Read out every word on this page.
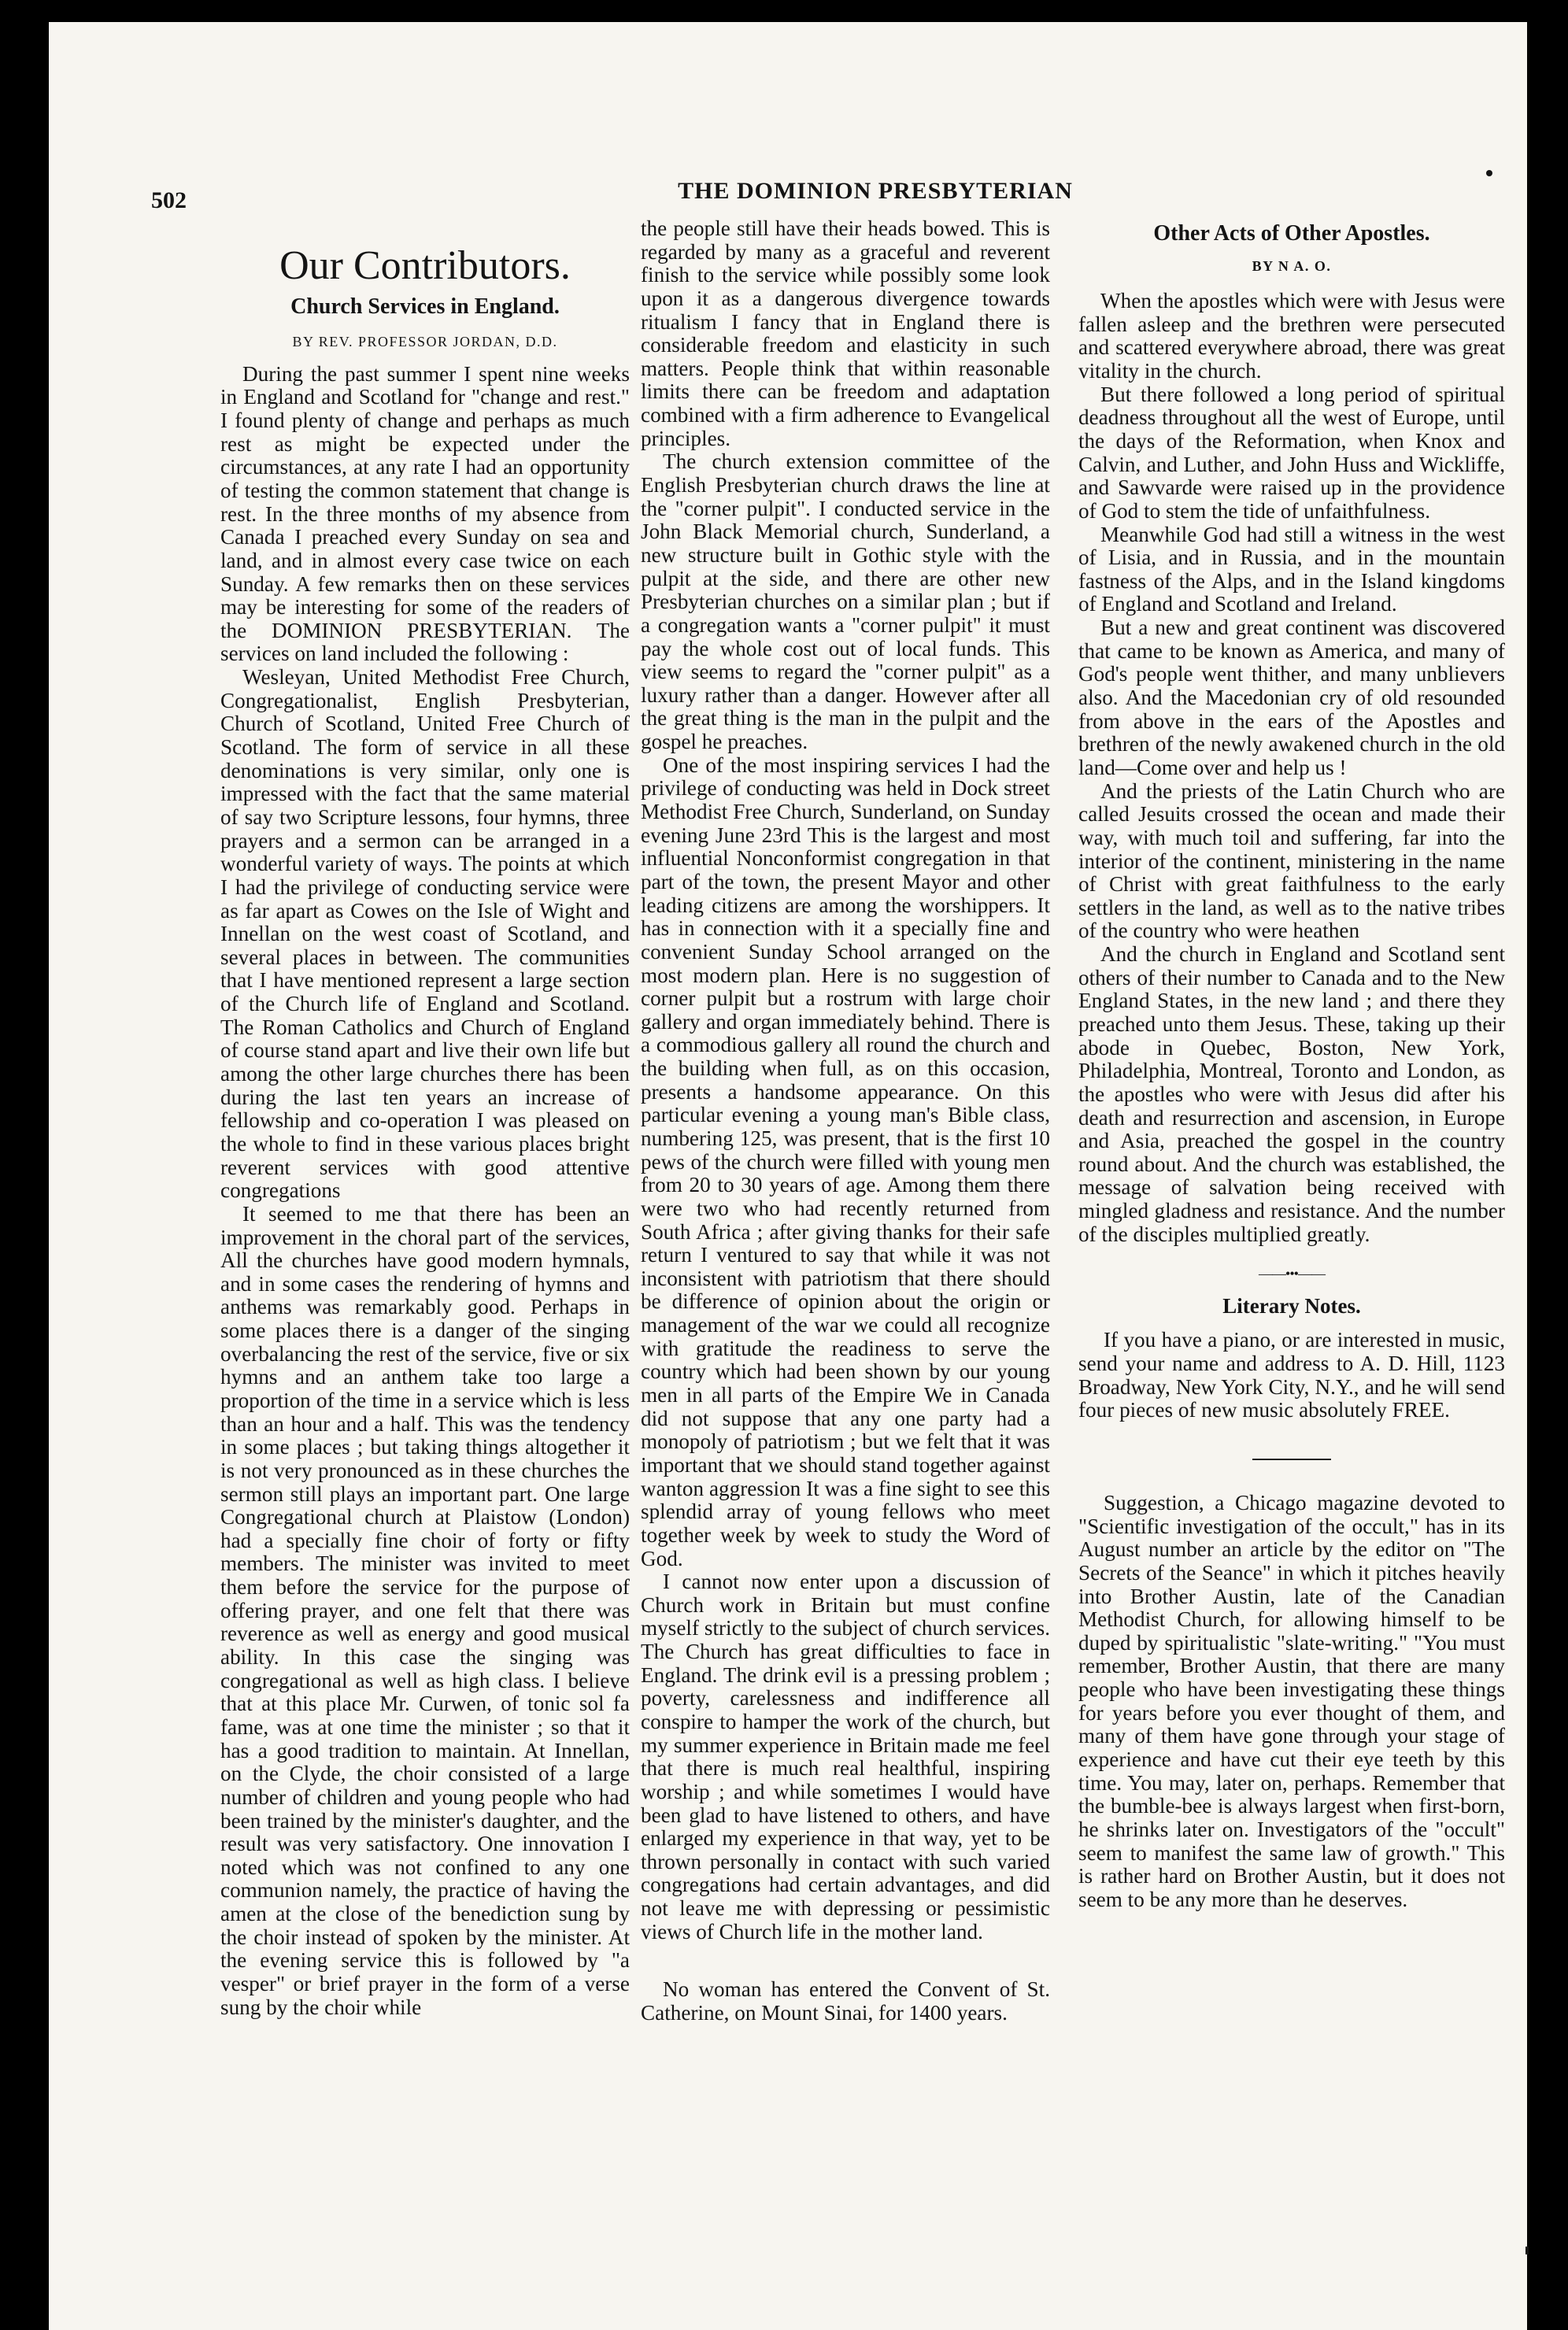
502	THE DOMINION PRESBYTERIAN
Our Contributors.
Church Services in England.
BY REV. PROFESSOR JORDAN, D.D.

During the past summer I spent nine weeks in England and Scotland for "change and rest." I found plenty of change and perhaps as much rest as might be expected under the circumstances, at any rate I had an opportunity of testing the common statement that change is rest. In the three months of my absence from Canada I preached every Sunday on sea and land, and in almost every case twice on each Sunday. A few remarks then on these services may be interesting for some of the readers of the DOMINION PRESBYTERIAN. The services on land included the following :

Wesleyan, United Methodist Free Church, Congregationalist, English Presbyterian, Church of Scotland, United Free Church of Scotland. The form of service in all these denominations is very similar, only one is impressed with the fact that the same material of say two Scripture lessons, four hymns, three prayers and a sermon can be arranged in a wonderful variety of ways. The points at which I had the privilege of conducting service were as far apart as Cowes on the Isle of Wight and Innellan on the west coast of Scotland, and several places in between. The communities that I have mentioned represent a large section of the Church life of England and Scotland. The Roman Catholics and Church of England of course stand apart and live their own life but among the other large churches there has been during the last ten years an increase of fellowship and co-operation I was pleased on the whole to find in these various places bright reverent services with good attentive congregations

It seemed to me that there has been an improvement in the choral part of the services, All the churches have good modern hymnals, and in some cases the rendering of hymns and anthems was remarkably good. Perhaps in some places there is a danger of the singing overbalancing the rest of the service, five or six hymns and an anthem take too large a proportion of the time in a service which is less than an hour and a half. This was the tendency in some places ; but taking things altogether it is not very pronounced as in these churches the sermon still plays an important part. One large Congregational church at Plaistow (London) had a specially fine choir of forty or fifty members. The minister was invited to meet them before the service for the purpose of offering prayer, and one felt that there was reverence as well as energy and good musical ability. In this case the singing was congregational as well as high class. I believe that at this place Mr. Curwen, of tonic sol fa fame, was at one time the minister ; so that it has a good tradition to maintain. At Innellan, on the Clyde, the choir consisted of a large number of children and young people who had been trained by the minister's daughter, and the result was very satisfactory. One innovation I noted which was not confined to any one communion namely, the practice of having the amen at the close of the benediction sung by the choir instead of spoken by the minister. At the evening service this is followed by "a vesper" or brief prayer in the form of a verse sung by the choir while

the people still have their heads bowed. This is regarded by many as a graceful and reverent finish to the service while possibly some look upon it as a dangerous divergence towards ritualism I fancy that in England there is considerable freedom and elasticity in such matters. People think that within reasonable limits there can be freedom and adaptation combined with a firm adherence to Evangelical principles.

The church extension committee of the English Presbyterian church draws the line at the "corner pulpit". I conducted service in the John Black Memorial church, Sunderland, a new structure built in Gothic style with the pulpit at the side, and there are other new Presbyterian churches on a similar plan ; but if a congregation wants a "corner pulpit" it must pay the whole cost out of local funds. This view seems to regard the "corner pulpit" as a luxury rather than a danger. However after all the great thing is the man in the pulpit and the gospel he preaches.

One of the most inspiring services I had the privilege of conducting was held in Dock street Methodist Free Church, Sunderland, on Sunday evening June 23rd This is the largest and most influential Nonconformist congregation in that part of the town, the present Mayor and other leading citizens are among the worshippers. It has in connection with it a specially fine and convenient Sunday School arranged on the most modern plan. Here is no suggestion of corner pulpit but a rostrum with large choir gallery and organ immediately behind. There is a commodious gallery all round the church and the building when full, as on this occasion, presents a handsome appearance. On this particular evening a young man's Bible class, numbering 125, was present, that is the first 10 pews of the church were filled with young men from 20 to 30 years of age. Among them there were two who had recently returned from South Africa ; after giving thanks for their safe return I ventured to say that while it was not inconsistent with patriotism that there should be difference of opinion about the origin or management of the war we could all recognize with gratitude the readiness to serve the country which had been shown by our young men in all parts of the Empire We in Canada did not suppose that any one party had a monopoly of patriotism ; but we felt that it was important that we should stand together against wanton aggression It was a fine sight to see this splendid array of young fellows who meet together week by week to study the Word of God.

I cannot now enter upon a discussion of Church work in Britain but must confine myself strictly to the subject of church services. The Church has great difficulties to face in England. The drink evil is a pressing problem ; poverty, carelessness and indifference all conspire to hamper the work of the church, but my summer experience in Britain made me feel that there is much real healthful, inspiring worship ; and while sometimes I would have been glad to have listened to others, and have enlarged my experience in that way, yet to be thrown personally in contact with such varied congregations had certain advantages, and did not leave me with depressing or pessimistic views of Church life in the mother land.

No woman has entered the Convent of St. Catherine, on Mount Sinai, for 1400 years.

Other Acts of Other Apostles.
BY N A. O.

When the apostles which were with Jesus were fallen asleep and the brethren were persecuted and scattered everywhere abroad, there was great vitality in the church.

But there followed a long period of spiritual deadness throughout all the west of Europe, until the days of the Reformation, when Knox and Calvin, and Luther, and John Huss and Wickliffe, and Sawvarde were raised up in the providence of God to stem the tide of unfaithfulness.

Meanwhile God had still a witness in the west of Lisia, and in Russia, and in the mountain fastness of the Alps, and in the Island kingdoms of England and Scotland and Ireland.

But a new and great continent was discovered that came to be known as America, and many of God's people went thither, and many unblievers also. And the Macedonian cry of old resounded from above in the ears of the Apostles and brethren of the newly awakened church in the old land—Come over and help us !

And the priests of the Latin Church who are called Jesuits crossed the ocean and made their way, with much toil and suffering, far into the interior of the continent, ministering in the name of Christ with great faithfulness to the early settlers in the land, as well as to the native tribes of the country who were heathen

And the church in England and Scotland sent others of their number to Canada and to the New England States, in the new land ; and there they preached unto them Jesus. These, taking up their abode in Quebec, Boston, New York, Philadelphia, Montreal, Toronto and London, as the apostles who were with Jesus did after his death and resurrection and ascension, in Europe and Asia, preached the gospel in the country round about. And the church was established, the message of salvation being received with mingled gladness and resistance. And the number of the disciples multiplied greatly.

——•••——
Literary Notes.

If you have a piano, or are interested in music, send your name and address to A. D. Hill, 1123 Broadway, New York City, N.Y., and he will send four pieces of new music absolutely FREE.

Suggestion, a Chicago magazine devoted to "Scientific investigation of the occult," has in its August number an article by the editor on "The Secrets of the Seance" in which it pitches heavily into Brother Austin, late of the Canadian Methodist Church, for allowing himself to be duped by spiritualistic "slate-writing." "You must remember, Brother Austin, that there are many people who have been investigating these things for years before you ever thought of them, and many of them have gone through your stage of experience and have cut their eye teeth by this time. You may, later on, perhaps. Remember that the bumble-bee is always largest when first-born, he shrinks later on. Investigators of the "occult" seem to manifest the same law of growth." This is rather hard on Brother Austin, but it does not seem to be any more than he deserves.
